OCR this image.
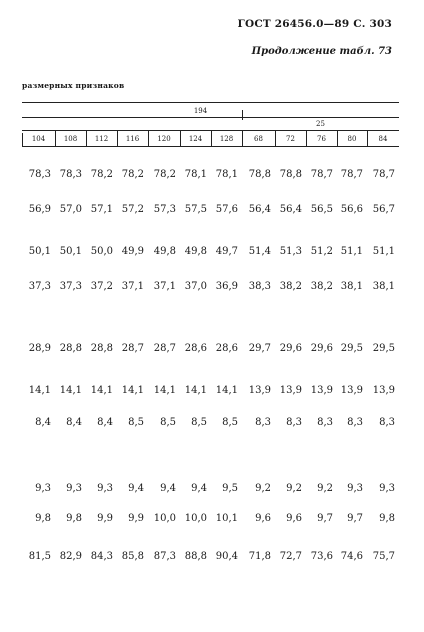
ГОСТ 26456.0—89 С. 303
Продолжение табл. 73
размерных признаков
194
25
104	108	112	116	120	124	128	68	72	76	80	84
78,3 78,3 78,2 78,2 78,2 78,1 78,1	78,8 78,8 78,7 78,7 78,7
56,9 57,0 57,1 57,2 57,3 57,5 57,6	56,4 56,4 56,5 56,6 56,7
50,1 50,1 50,0 49,9 49,8 49,8 49,7	51,4 51,3 51,2 51,1 51,1
37,3 37,3 37,2 37,1 37,1 37,0 36,9	38,3 38,2 38,2 38,1 38,1
28,9 28,8 28,8 28,7 28,7 28,6 28,6	29,7 29,6 29,6 29,5 29,5
14,1 14,1 14,1 14,1 14,1 14,1 14,1	13,9 13,9 13,9 13,9 13,9
8,4	8,4	8,4	8,5	8,5	8,5	8,5	8,3	8,3	8,3	8,3	8,3
9,3	9,3	9,3	9,4	9,4	9,4	9,5	9,2	9,2	9,2	9,3	9,3
9,8	9,8	9,9	9,9 10,0 10,0 10,1	9,6	9,6	9,7	9,7	9,8
81,5 82,9 84,3 85,8 87,3 88,8 90,4	71,8 72,7 73,6 74,6 75,7
